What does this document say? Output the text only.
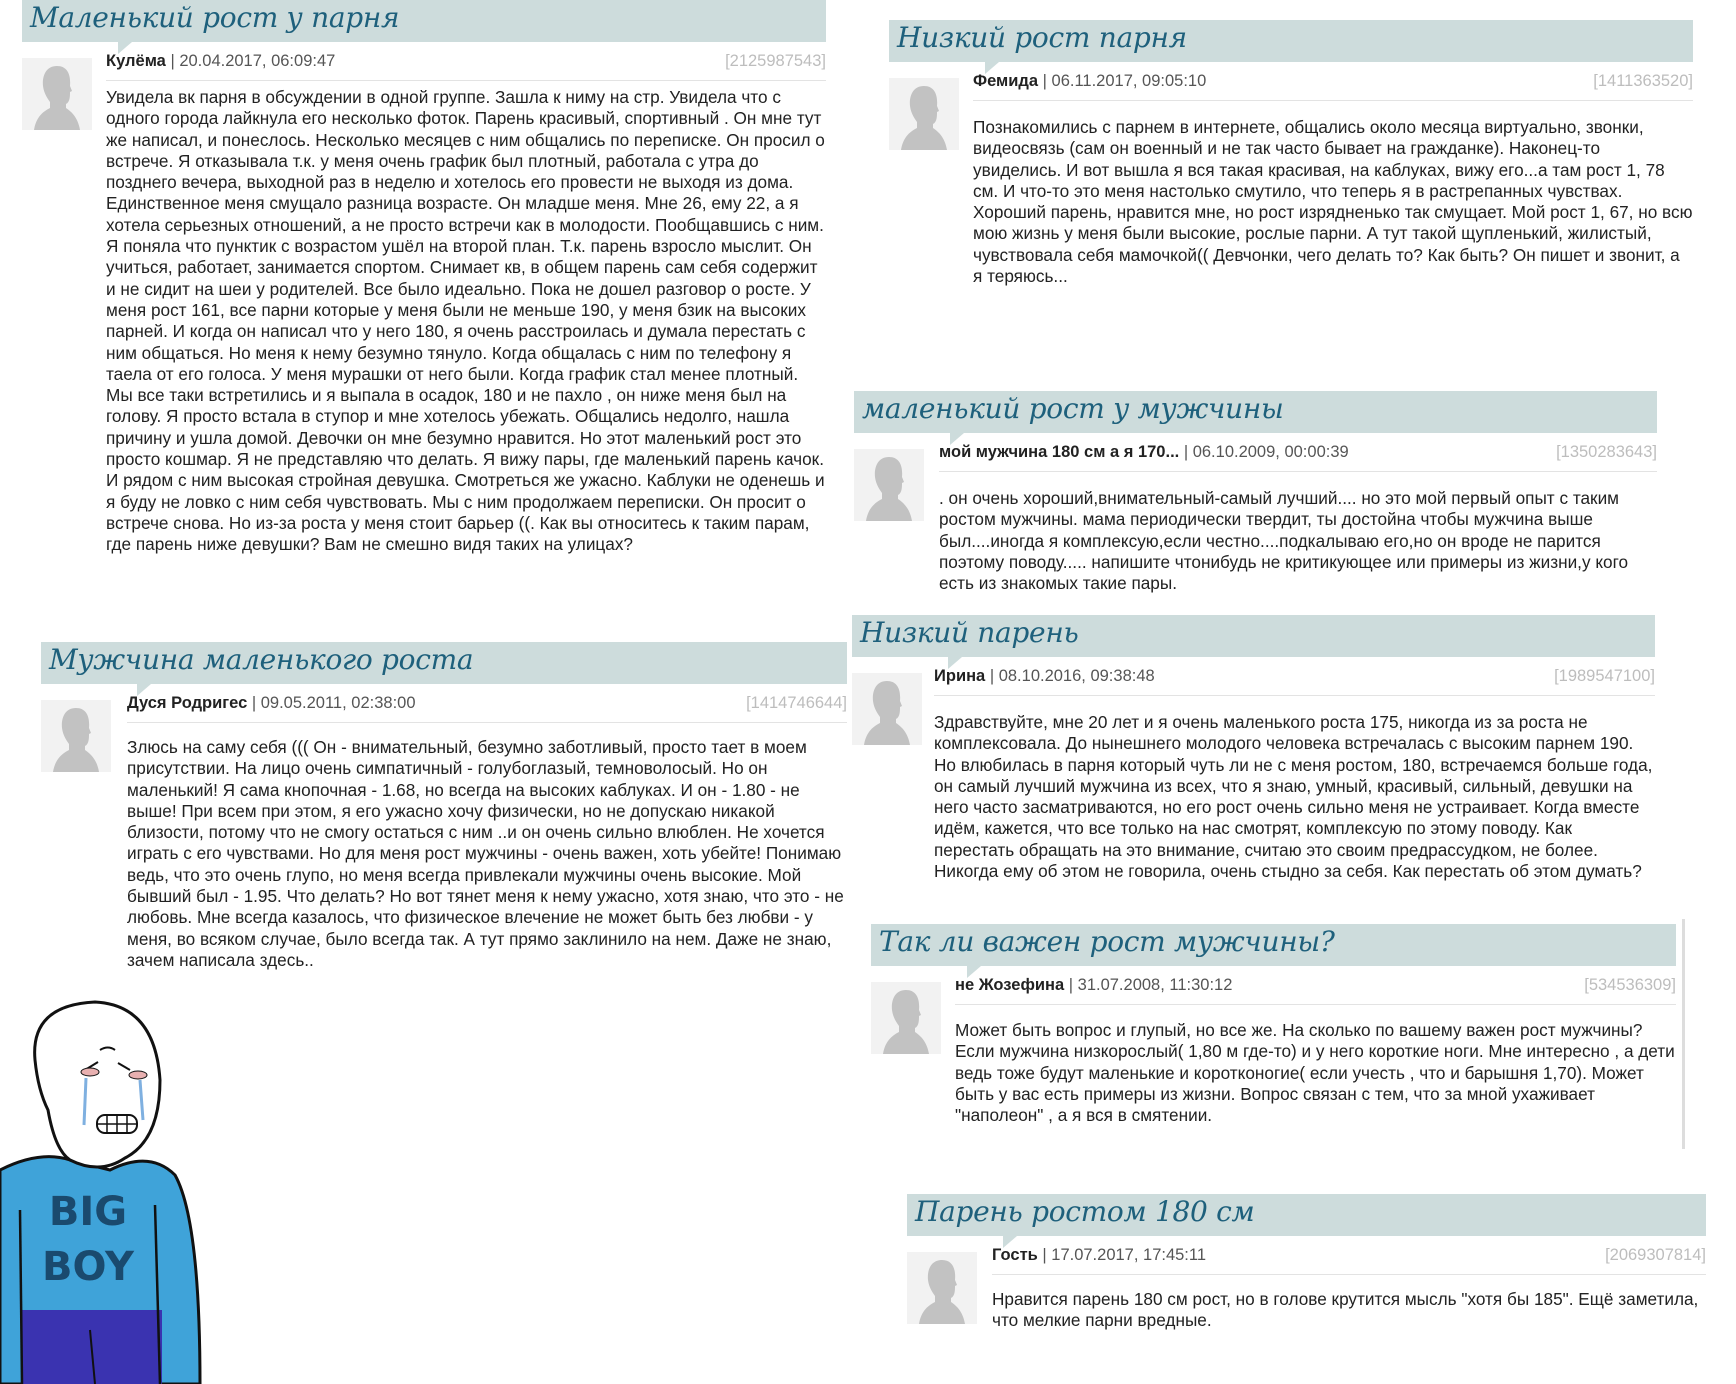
Маленький рост у парня
Кулёма | 20.04.2017, 06:09:47	[2125987543]
Увидела вк парня в обсуждении в одной группе. Зашла к ниму на стр. Увидела что с одного города лайкнула его несколько фоток. Парень красивый, спортивный . Он мне тут же написал, и понеслось. Несколько месяцев с ним общались по переписке. Он просил о встрече. Я отказывала т.к. у меня очень график был плотный, работала с утра до позднего вечера, выходной раз в неделю и хотелось его провести не выходя из дома. Единственное меня смущало разница возрасте. Он младше меня. Мне 26, ему 22, а я хотела серьезных отношений, а не просто встречи как в молодости. Пообщавшись с ним. Я поняла что пунктик с возрастом ушёл на второй план. Т.к. парень взросло мыслит. Он учиться, работает, занимается спортом. Снимает кв, в общем парень сам себя содержит и не сидит на шеи у родителей. Все было идеально. Пока не дошел разговор о росте. У меня рост 161, все парни которые у меня были не меньше 190, у меня бзик на высоких парней. И когда он написал что у него 180, я очень расстроилась и думала перестать с ним общаться. Но меня к нему безумно тянуло. Когда общалась с ним по телефону я таела от его голоса. У меня мурашки от него были. Когда график стал менее плотный. Мы все таки встретились и я выпала в осадок, 180 и не пахло , он ниже меня был на голову. Я просто встала в ступор и мне хотелось убежать. Общались недолго, нашла причину и ушла домой. Девочки он мне безумно нравится. Но этот маленький рост это просто кошмар. Я не представляю что делать. Я вижу пары, где маленький парень качок. И рядом с ним высокая стройная девушка. Смотреться же ужасно. Каблуки не оденешь и я буду не ловко с ним себя чувствовать. Мы с ним продолжаем переписки. Он просит о встрече снова. Но из-за роста у меня стоит барьер ((. Как вы относитесь к таким парам, где парень ниже девушки? Вам не смешно видя таких на улицах?
Низкий рост парня
Фемида | 06.11.2017, 09:05:10	[1411363520]
Познакомились с парнем в интернете, общались около месяца виртуально, звонки, видеосвязь (сам он военный и не так часто бывает на гражданке). Наконец-то увиделись. И вот вышла я вся такая красивая, на каблуках, вижу его...а там рост 1, 78 см. И что-то это меня настолько смутило, что теперь я в растрепанных чувствах. Хороший парень, нравится мне, но рост изрядненько так смущает. Мой рост 1, 67, но всю мою жизнь у меня были высокие, рослые парни. А тут такой щупленький, жилистый, чувствовала себя мамочкой(( Девчонки, чего делать то? Как быть? Он пишет и звонит, а я теряюсь...
маленький рост у мужчины
мой мужчина 180 см а я 170... | 06.10.2009, 00:00:39	[1350283643]
. он очень хороший,внимательный-самый лучший.... но это мой первый опыт с таким ростом мужчины. мама периодически твердит, ты достойна чтобы мужчина выше был....иногда я комплексую,если честно....подкалываю его,но он вроде не парится поэтому поводу..... напишите чтонибудь не критикующее или примеры из жизни,у кого есть из знакомых такие пары.
Низкий парень
Ирина | 08.10.2016, 09:38:48	[1989547100]
Здравствуйте, мне 20 лет и я очень маленького роста 175, никогда из за роста не комплексовала. До нынешнего молодого человека встречалась с высоким парнем 190. Но влюбилась в парня который чуть ли не с меня ростом, 180, встречаемся больше года, он самый лучший мужчина из всех, что я знаю, умный, красивый, сильный, девушки на него часто засматриваются, но его рост очень сильно меня не устраивает. Когда вместе идём, кажется, что все только на нас смотрят, комплексую по этому поводу. Как перестать обращать на это внимание, считаю это своим предрассудком, не более. Никогда ему об этом не говорила, очень стыдно за себя. Как перестать об этом думать?
Так ли важен рост мужчины?
не Жозефина | 31.07.2008, 11:30:12	[534536309]
Может быть вопрос и глупый, но все же. На сколько по вашему важен рост мужчины?Если мужчина низкорослый( 1,80 м где-то) и у него короткие ноги. Мне интересно , а дети ведь тоже будут маленькие и коротконогие( если учесть , что и барышня 1,70). Может быть у вас есть примеры из жизни. Вопрос связан с тем, что за мной ухаживает "наполеон" , а я вся в смятении.
Парень ростом 180 см
Гость | 17.07.2017, 17:45:11	[2069307814]
Нравится парень 180 см рост, но в голове крутится мысль "хотя бы 185". Ещё заметила, что мелкие парни вредные.
Мужчина маленького роста
Дуся Родригес | 09.05.2011, 02:38:00	[1414746644]
Злюсь на саму себя ((( Он - внимательный, безумно заботливый, просто тает в моем присутствии. На лицо очень симпатичный - голубоглазый, темноволосый. Но он маленький! Я сама кнопочная - 1.68, но всегда на высоких каблуках. И он - 1.80 - не выше! При всем при этом, я его ужасно хочу физически, но не допускаю никакой близости, потому что не смогу остаться с ним ..и он очень сильно влюблен. Не хочется играть с его чувствами. Но для меня рост мужчины - очень важен, хоть убейте! Понимаю ведь, что это очень глупо, но меня всегда привлекали мужчины очень высокие. Мой бывший был - 1.95. Что делать? Но вот тянет меня к нему ужасно, хотя знаю, что это - не любовь. Мне всегда казалось, что физическое влечение не может быть без любви - у меня, во всяком случае, было всегда так. А тут прямо заклинило на нем. Даже не знаю, зачем написала здесь..
BIG
BOY
